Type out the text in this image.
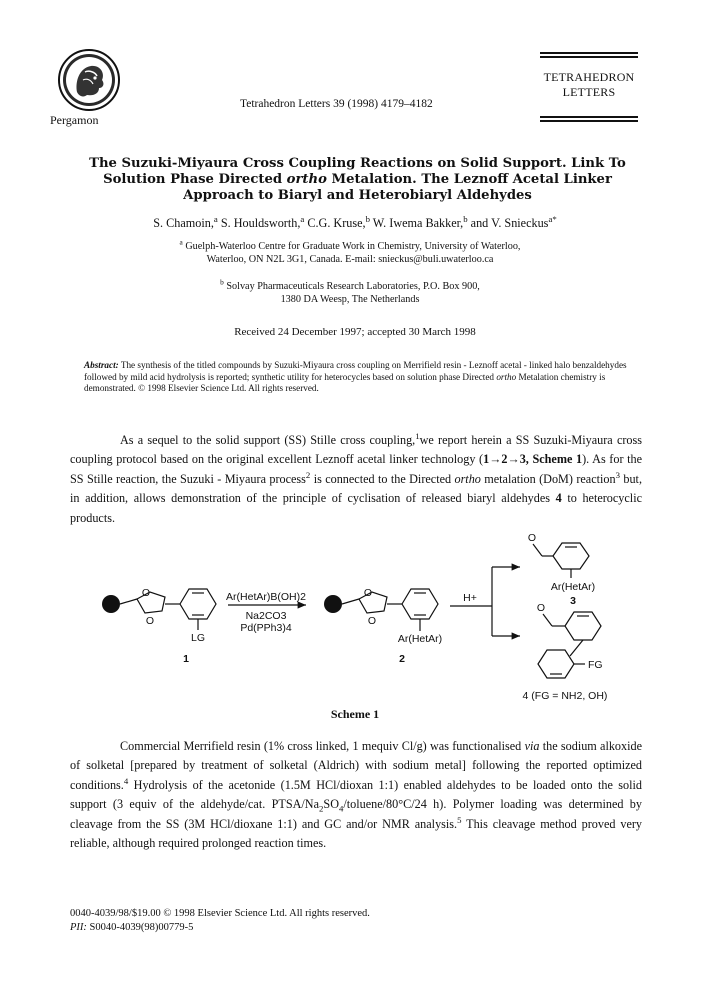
Pergamon
Tetrahedron Letters 39 (1998) 4179–4182
TETRAHEDRON
LETTERS
The Suzuki-Miyaura Cross Coupling Reactions on Solid Support. Link To
Solution Phase Directed ortho Metalation. The Leznoff Acetal Linker
Approach to Biaryl and Heterobiaryl Aldehydes
S. Chamoin,$^a$ S. Houldsworth,$^a$ C.G. Kruse,$^b$ W. Iwema Bakker,$^b$ and V. Snieckus$^{a*}$
$^a$ Guelph-Waterloo Centre for Graduate Work in Chemistry, University of Waterloo,
Waterloo, ON N2L 3G1, Canada. E-mail: snieckus@buli.uwaterloo.ca
$^b$ Solvay Pharmaceuticals Research Laboratories, P.O. Box 900,
1380 DA Weesp, The Netherlands
Received 24 December 1997; accepted 30 March 1998
Abstract: The synthesis of the titled compounds by Suzuki-Miyaura cross coupling on Merrifield resin - Leznoff acetal - linked halo benzaldehydes followed by mild acid hydrolysis is reported; synthetic utility for heterocycles based on solution phase Directed ortho Metalation chemistry is demonstrated. © 1998 Elsevier Science Ltd. All rights reserved.
As a sequel to the solid support (SS) Stille cross coupling,$^1$we report herein a SS Suzuki-Miyaura cross coupling protocol based on the original excellent Leznoff acetal linker technology (1→2→3, Scheme 1). As for the SS Stille reaction, the Suzuki - Miyaura process$^2$ is connected to the Directed ortho metalation (DoM) reaction$^3$ but, in addition, allows demonstration of the principle of cyclisation of released biaryl aldehydes 4 to heterocyclic products.
O
O
LG
1
Ar(HetAr)B(OH)2
Na2CO3
Pd(PPh3)4
O
O
Ar(HetAr)
2
H+
O
Ar(HetAr)
3
O
FG
4 (FG = NH2, OH)
Scheme 1
Commercial Merrifield resin (1% cross linked, 1 mequiv Cl/g) was functionalised via the sodium alkoxide of solketal [prepared by treatment of solketal (Aldrich) with sodium metal] following the reported optimized conditions.$^4$ Hydrolysis of the acetonide (1.5M HCl/dioxan 1:1) enabled aldehydes to be loaded onto the solid support (3 equiv of the aldehyde/cat. PTSA/$Na_2SO_4/toluene/80^\circ C/24$ h). Polymer loading was determined by cleavage from the SS (3M HCl/dioxane 1:1) and GC and/or NMR analysis.$^5$ This cleavage method proved very reliable, although required prolonged reaction times.
0040-4039/98/$19.00 © 1998 Elsevier Science Ltd. All rights reserved.
PII: S0040-4039(98)00779-5
